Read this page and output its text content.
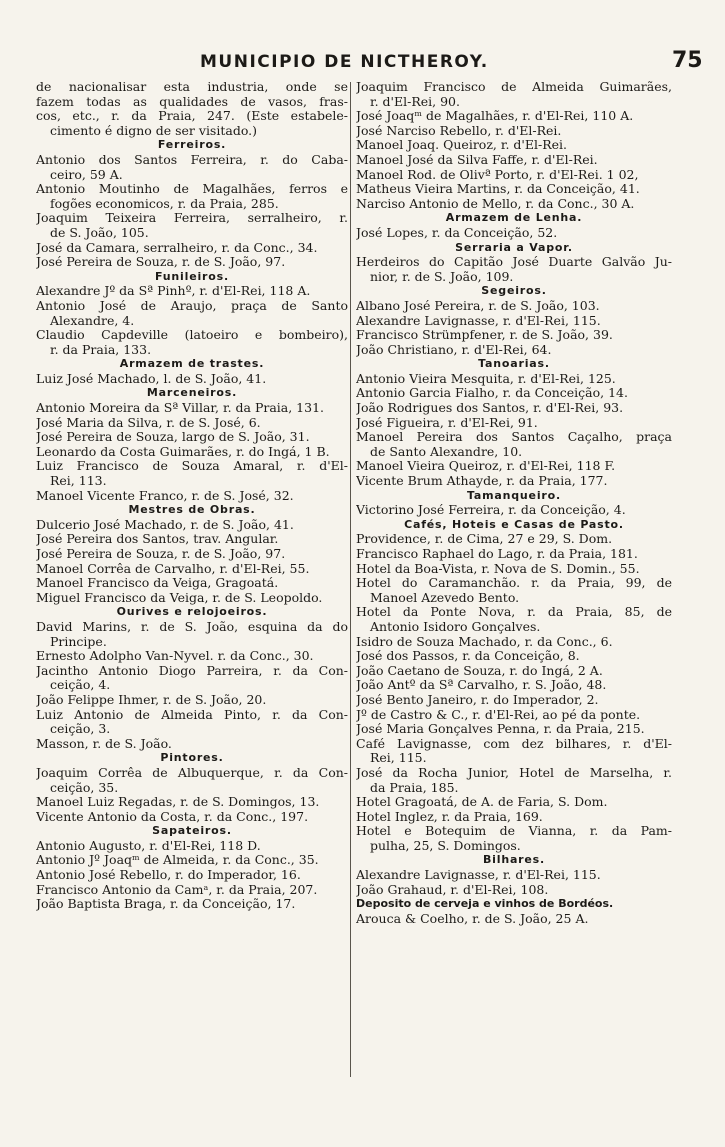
MUNICIPIO DE NICTHEROY.	75
de nacionalisar esta industria, onde se
fazem todas as qualidades de vasos, fras-
cos, etc., r. da Praia, 247. (Este estabele-
cimento é digno de ser visitado.)
Ferreiros.
Antonio dos Santos Ferreira, r. do Caba-
ceiro, 59 A.
Antonio Moutinho de Magalhães, ferros e
fogões economicos, r. da Praia, 285.
Joaquim Teixeira Ferreira, serralheiro, r.
de S. João, 105.
José da Camara, serralheiro, r. da Conc., 34.
José Pereira de Souza, r. de S. João, 97.
Funileiros.
Alexandre Jº da Sª Pinhº, r. d'El-Rei, 118 A.
Antonio José de Araujo, praça de Santo
Alexandre, 4.
Claudio Capdeville (latoeiro e bombeiro),
r. da Praia, 133.
Armazem de trastes.
Luiz José Machado, l. de S. João, 41.
Marceneiros.
Antonio Moreira da Sª Villar, r. da Praia, 131.
José Maria da Silva, r. de S. José, 6.
José Pereira de Souza, largo de S. João, 31.
Leonardo da Costa Guimarães, r. do Ingá, 1 B.
Luiz Francisco de Souza Amaral, r. d'El-
Rei, 113.
Manoel Vicente Franco, r. de S. José, 32.
Mestres de Obras.
Dulcerio José Machado, r. de S. João, 41.
José Pereira dos Santos, trav. Angular.
José Pereira de Souza, r. de S. João, 97.
Manoel Corrêa de Carvalho, r. d'El-Rei, 55.
Manoel Francisco da Veiga, Gragoatá.
Miguel Francisco da Veiga, r. de S. Leopoldo.
Ourives e relojoeiros.
David Marins, r. de S. João, esquina da do
Principe.
Ernesto Adolpho Van-Nyvel. r. da Conc., 30.
Jacintho Antonio Diogo Parreira, r. da Con-
ceição, 4.
João Felippe Ihmer, r. de S. João, 20.
Luiz Antonio de Almeida Pinto, r. da Con-
ceição, 3.
Masson, r. de S. João.
Pintores.
Joaquim Corrêa de Albuquerque, r. da Con-
ceição, 35.
Manoel Luiz Regadas, r. de S. Domingos, 13.
Vicente Antonio da Costa, r. da Conc., 197.
Sapateiros.
Antonio Augusto, r. d'El-Rei, 118 D.
Antonio Jº Joaqᵐ de Almeida, r. da Conc., 35.
Antonio José Rebello, r. do Imperador, 16.
Francisco Antonio da Camᵃ, r. da Praia, 207.
João Baptista Braga, r. da Conceição, 17.
Joaquim Francisco de Almeida Guimarães,
r. d'El-Rei, 90.
José Joaqᵐ de Magalhães, r. d'El-Rei, 110 A.
José Narciso Rebello, r. d'El-Rei.
Manoel Joaq. Queiroz, r. d'El-Rei.
Manoel José da Silva Faffe, r. d'El-Rei.
Manoel Rod. de Olivª Porto, r. d'El-Rei. 1 02,
Matheus Vieira Martins, r. da Conceição, 41.
Narciso Antonio de Mello, r. da Conc., 30 A.
Armazem de Lenha.
José Lopes, r. da Conceição, 52.
Serraria a Vapor.
Herdeiros do Capitão José Duarte Galvão Ju-
nior, r. de S. João, 109.
Segeiros.
Albano José Pereira, r. de S. João, 103.
Alexandre Lavignasse, r. d'El-Rei, 115.
Francisco Strümpfener, r. de S. João, 39.
João Christiano, r. d'El-Rei, 64.
Tanoarias.
Antonio Vieira Mesquita, r. d'El-Rei, 125.
Antonio Garcia Fialho, r. da Conceição, 14.
João Rodrigues dos Santos, r. d'El-Rei, 93.
José Figueira, r. d'El-Rei, 91.
Manoel Pereira dos Santos Caçalho, praça
de Santo Alexandre, 10.
Manoel Vieira Queiroz, r. d'El-Rei, 118 F.
Vicente Brum Athayde, r. da Praia, 177.
Tamanqueiro.
Victorino José Ferreira, r. da Conceição, 4.
Cafés, Hoteis e Casas de Pasto.
Providence, r. de Cima, 27 e 29, S. Dom.
Francisco Raphael do Lago, r. da Praia, 181.
Hotel da Boa-Vista, r. Nova de S. Domin., 55.
Hotel do Caramanchão. r. da Praia, 99, de
Manoel Azevedo Bento.
Hotel da Ponte Nova, r. da Praia, 85, de
Antonio Isidoro Gonçalves.
Isidro de Souza Machado, r. da Conc., 6.
José dos Passos, r. da Conceição, 8.
João Caetano de Souza, r. do Ingá, 2 A.
João Antº da Sª Carvalho, r. S. João, 48.
José Bento Janeiro, r. do Imperador, 2.
Jº de Castro & C., r. d'El-Rei, ao pé da ponte.
José Maria Gonçalves Penna, r. da Praia, 215.
Café Lavignasse, com dez bilhares, r. d'El-
Rei, 115.
José da Rocha Junior, Hotel de Marselha, r.
da Praia, 185.
Hotel Gragoatá, de A. de Faria, S. Dom.
Hotel Inglez, r. da Praia, 169.
Hotel e Botequim de Vianna, r. da Pam-
pulha, 25, S. Domingos.
Bilhares.
Alexandre Lavignasse, r. d'El-Rei, 115.
João Grahaud, r. d'El-Rei, 108.
Deposito de cerveja e vinhos de Bordéos.
Arouca & Coelho, r. de S. João, 25 A.
